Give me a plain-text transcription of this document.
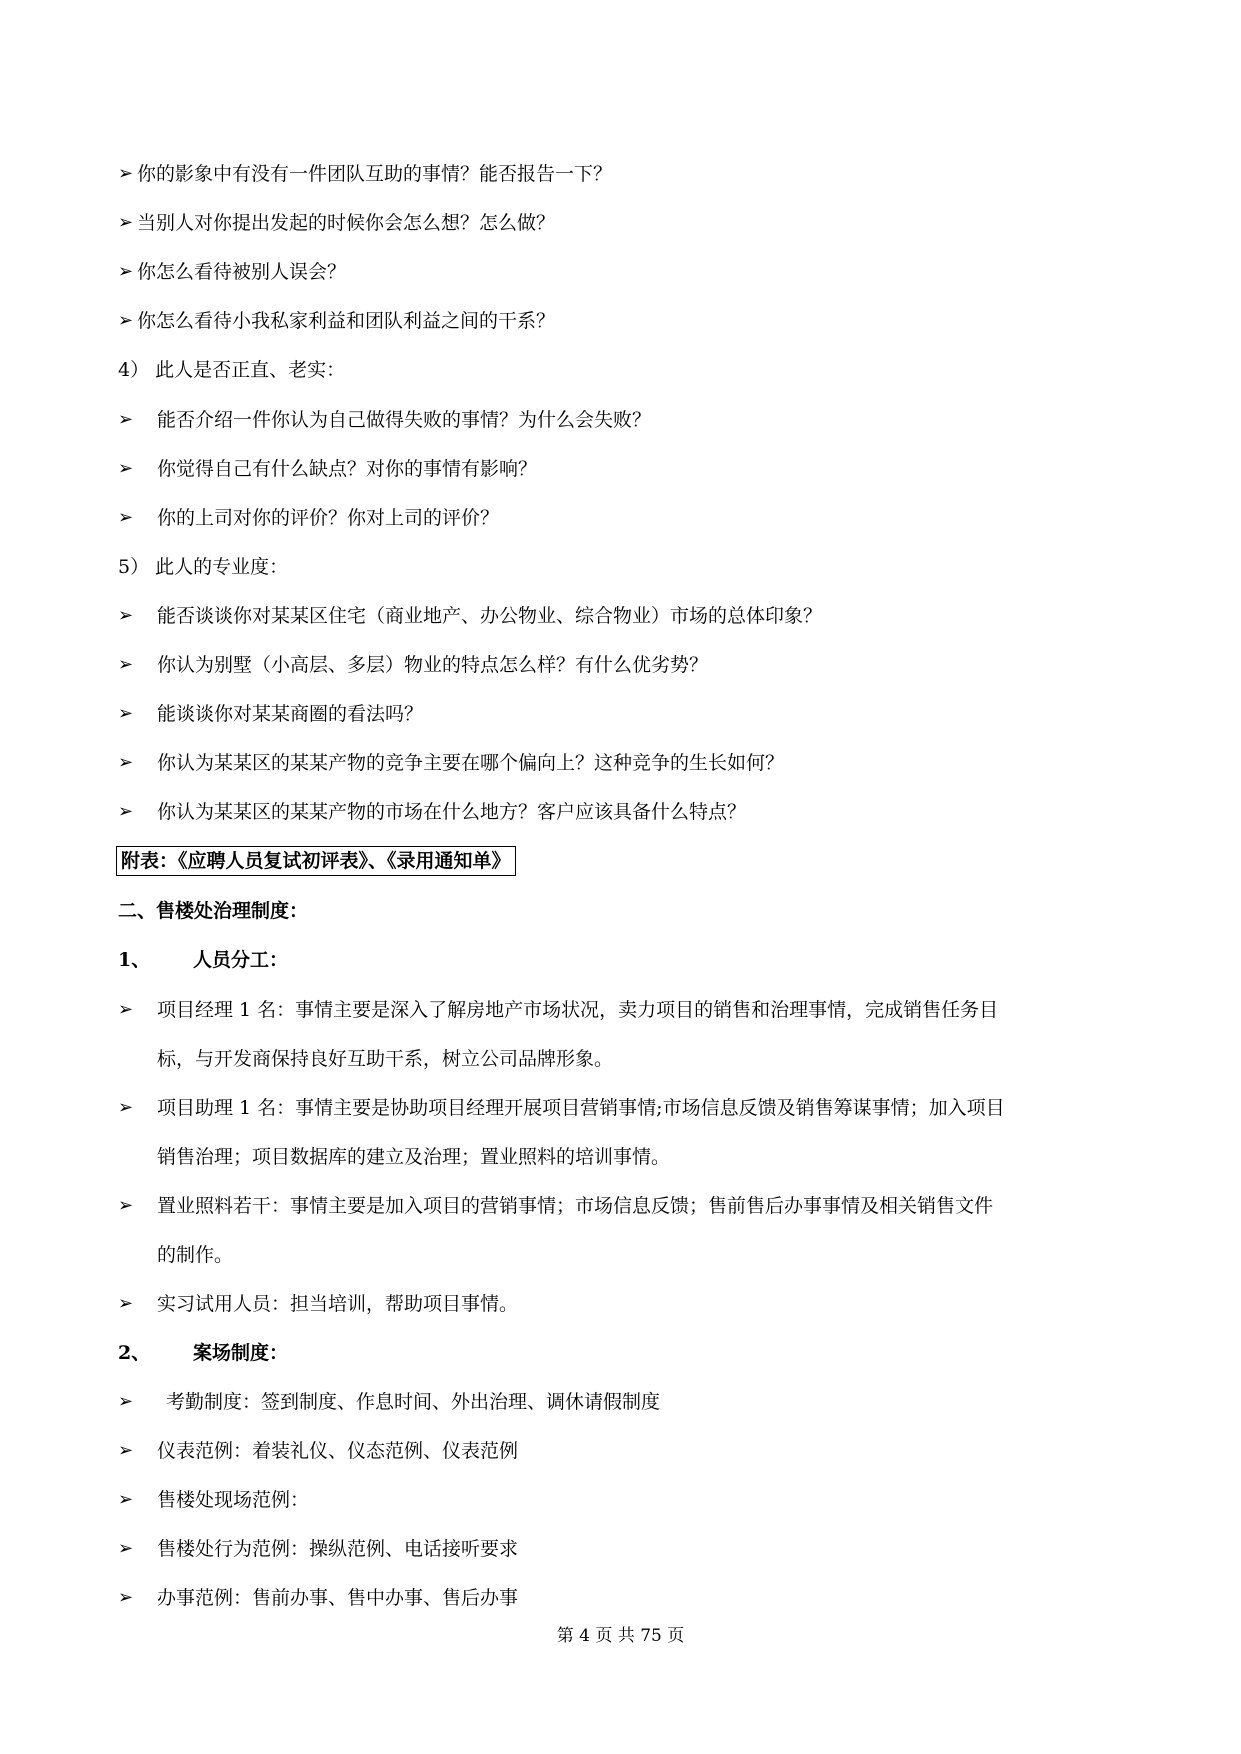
➢ 你的影象中有没有一件团队互助的事情？能否报告一下？
➢ 当别人对你提出发起的时候你会怎么想？怎么做？
➢ 你怎么看待被别人误会？
➢ 你怎么看待小我私家利益和团队利益之间的干系？
4） 此人是否正直、老实：
➢ 能否介绍一件你认为自己做得失败的事情？为什么会失败？
➢ 你觉得自己有什么缺点？对你的事情有影响？
➢ 你的上司对你的评价？你对上司的评价？
5） 此人的专业度：
➢ 能否谈谈你对某某区住宅（商业地产、办公物业、综合物业）市场的总体印象？
➢ 你认为别墅（小高层、多层）物业的特点怎么样？有什么优劣势？
➢ 能谈谈你对某某商圈的看法吗？
➢ 你认为某某区的某某产物的竞争主要在哪个偏向上？这种竞争的生长如何？
➢ 你认为某某区的某某产物的市场在什么地方？客户应该具备什么特点？
附表：《应聘人员复试初评表》、《录用通知单》
二、售楼处治理制度：
1、 人员分工：
➢ 项目经理 1 名：事情主要是深入了解房地产市场状况，卖力项目的销售和治理事情，完成销售任务目
标，与开发商保持良好互助干系，树立公司品牌形象。
➢ 项目助理 1 名：事情主要是协助项目经理开展项目营销事情;市场信息反馈及销售筹谋事情；加入项目
销售治理；项目数据库的建立及治理；置业照料的培训事情。
➢ 置业照料若干：事情主要是加入项目的营销事情；市场信息反馈；售前售后办事事情及相关销售文件
的制作。
➢ 实习试用人员：担当培训，帮助项目事情。
2、 案场制度：
➢ 考勤制度：签到制度、作息时间、外出治理、调休请假制度
➢ 仪表范例：着装礼仪、仪态范例、仪表范例
➢ 售楼处现场范例：
➢ 售楼处行为范例：操纵范例、电话接听要求
➢ 办事范例：售前办事、售中办事、售后办事
第 4 页 共 75 页
